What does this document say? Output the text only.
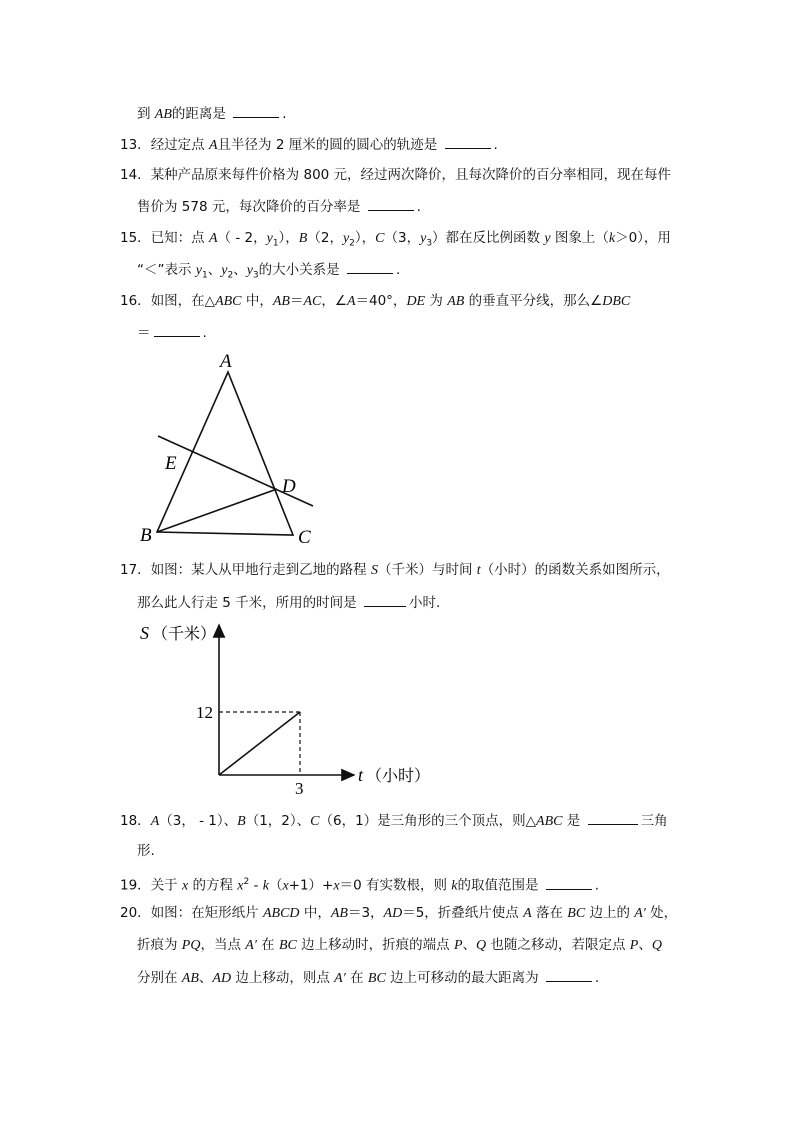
到 AB的距离是	.
13．经过定点 A且半径为 2 厘米的圆的圆心的轨迹是	.
14．某种产品原来每件价格为 800 元，经过两次降价，且每次降价的百分率相同，现在每件
售价为 578 元，每次降价的百分率是	.
15．已知：点 A（ - 2，$y_1$），B（2，$y_2$），C（3，$y_3$）都在反比例函数 y 图象上（k＞0），用
“＜”表示 $y_1$、$y_2$、$y_3$的大小关系是	.
16．如图，在△ABC 中，AB＝AC，∠A＝40°，DE 为 AB 的垂直平分线，那么∠DBC
＝	.
A
E
D
B	C
17．如图：某人从甲地行走到乙地的路程 S（千米）与时间 t（小时）的函数关系如图所示，
那么此人行走 5 千米，所用的时间是	小时.
S （千米）
12
3
t （小时）
18．A（3， - 1）、B（1，2）、C（6，1）是三角形的三个顶点，则△ABC 是	三角
形.
19．关于 x 的方程 $x^2 - k(x+1)+x=0$ 有实数根，则 k的取值范围是	.
20．如图：在矩形纸片 ABCD 中，AB＝3，AD＝5，折叠纸片使点 A 落在 BC 边上的 A′ 处，
折痕为 PQ，当点 A′ 在 BC 边上移动时，折痕的端点 P、Q 也随之移动，若限定点 P、Q
分别在 AB、AD 边上移动，则点 A′ 在 BC 边上可移动的最大距离为	.
